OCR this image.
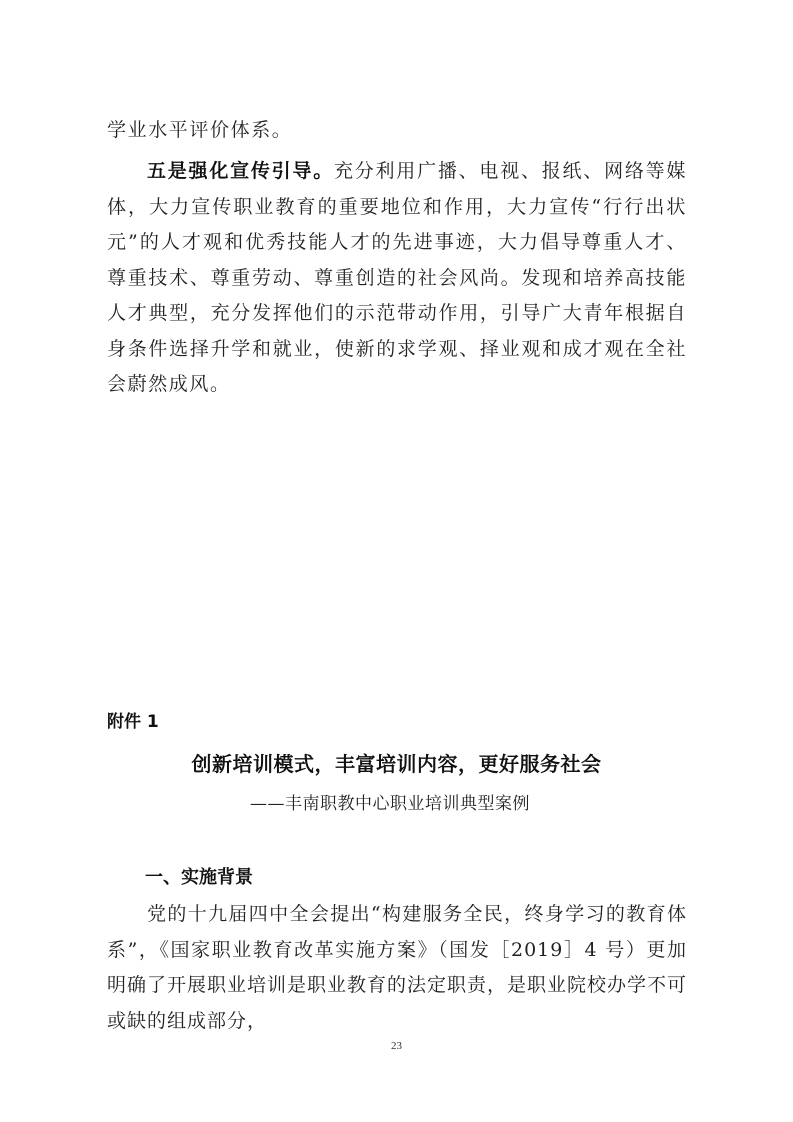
学业水平评价体系。

五是强化宣传引导。充分利用广播、电视、报纸、网络等媒体，大力宣传职业教育的重要地位和作用，大力宣传“行行出状元”的人才观和优秀技能人才的先进事迹，大力倡导尊重人才、尊重技术、尊重劳动、尊重创造的社会风尚。发现和培养高技能人才典型，充分发挥他们的示范带动作用，引导广大青年根据自身条件选择升学和就业，使新的求学观、择业观和成才观在全社会蔚然成风。

附件 1

创新培训模式，丰富培训内容，更好服务社会

——丰南职教中心职业培训典型案例

一、实施背景

党的十九届四中全会提出“构建服务全民，终身学习的教育体系”，《国家职业教育改革实施方案》（国发［2019］4 号）更加明确了开展职业培训是职业教育的法定职责，是职业院校办学不可或缺的组成部分，

23
